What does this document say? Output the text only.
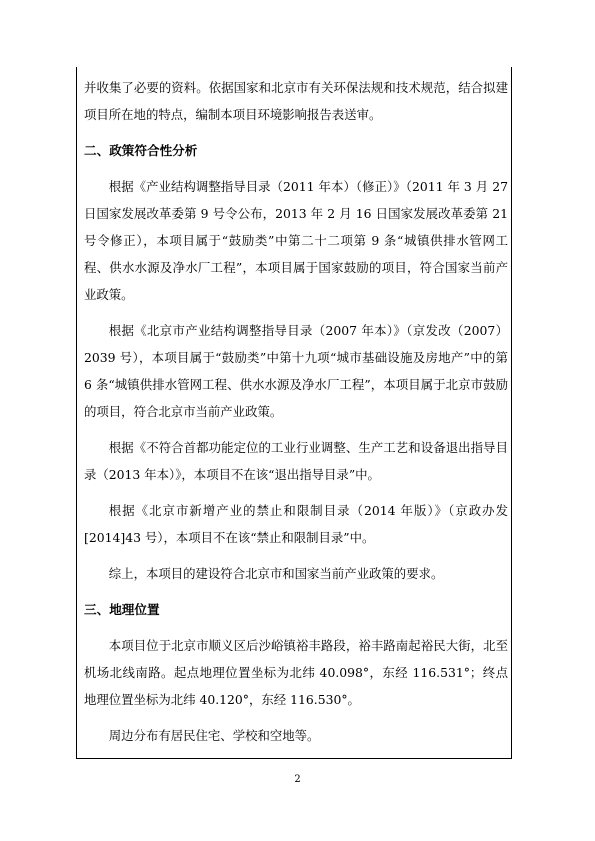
并收集了必要的资料。依据国家和北京市有关环保法规和技术规范，结合拟建项目所在地的特点，编制本项目环境影响报告表送审。

二、政策符合性分析

根据《产业结构调整指导目录（2011 年本）（修正）》（2011 年 3 月 27 日国家发展改革委第 9 号令公布，2013 年 2 月 16 日国家发展改革委第 21 号令修正），本项目属于“鼓励类”中第二十二项第 9 条“城镇供排水管网工程、供水水源及净水厂工程”，本项目属于国家鼓励的项目，符合国家当前产业政策。

根据《北京市产业结构调整指导目录（2007 年本）》（京发改（2007）2039 号），本项目属于“鼓励类”中第十九项“城市基础设施及房地产”中的第 6 条“城镇供排水管网工程、供水水源及净水厂工程”，本项目属于北京市鼓励的项目，符合北京市当前产业政策。

根据《不符合首都功能定位的工业行业调整、生产工艺和设备退出指导目录（2013 年本）》，本项目不在该“退出指导目录”中。

根据《北京市新增产业的禁止和限制目录（2014 年版）》（京政办发[2014]43 号），本项目不在该“禁止和限制目录”中。

综上，本项目的建设符合北京市和国家当前产业政策的要求。

三、地理位置

本项目位于北京市顺义区后沙峪镇裕丰路段，裕丰路南起裕民大街，北至机场北线南路。起点地理位置坐标为北纬 40.098°，东经 116.531°；终点地理位置坐标为北纬 40.120°，东经 116.530°。

周边分布有居民住宅、学校和空地等。

2
